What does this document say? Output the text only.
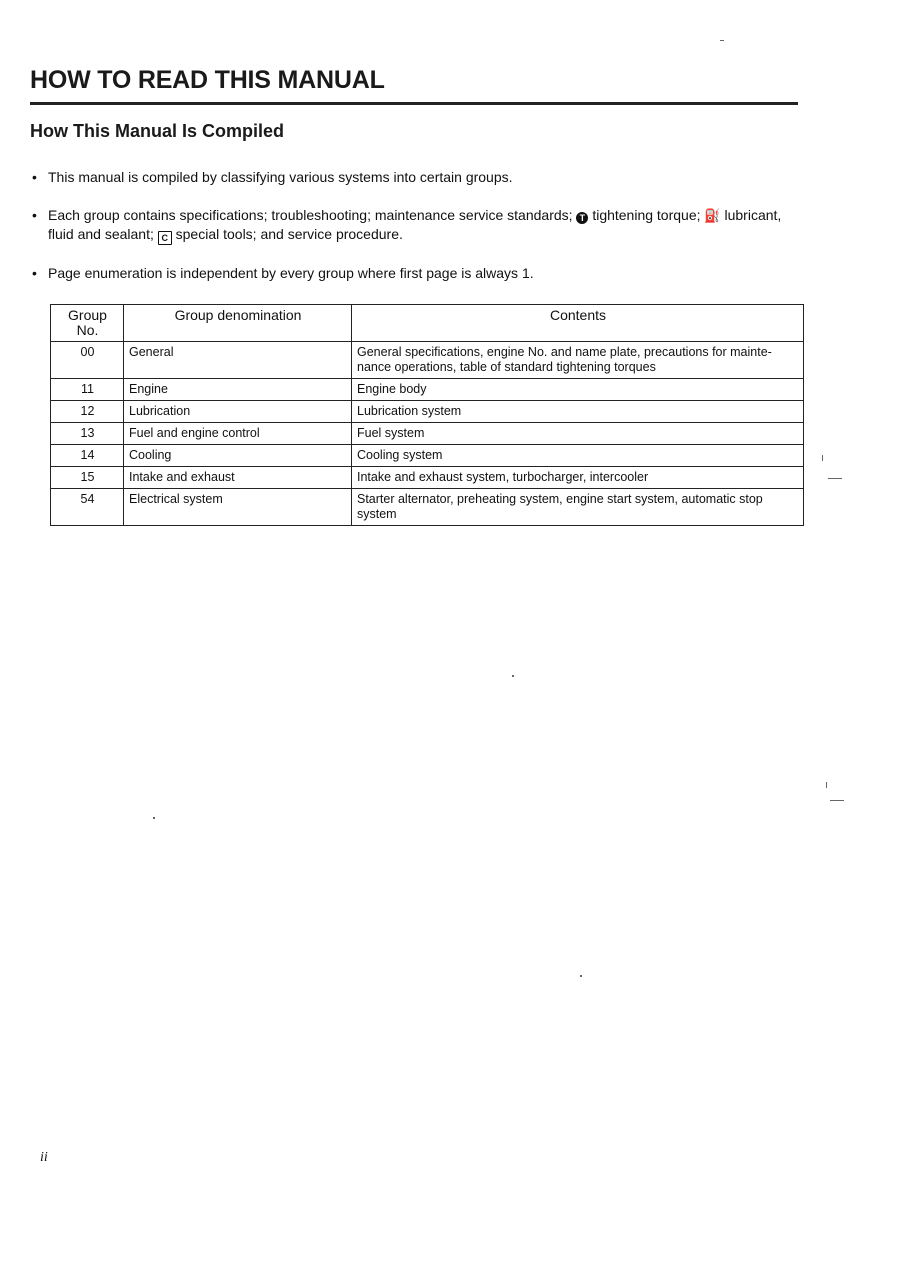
HOW TO READ THIS MANUAL
How This Manual Is Compiled
• This manual is compiled by classifying various systems into certain groups.
• Each group contains specifications; troubleshooting; maintenance service standards; T tightening torque; ⛽ lubricant, fluid and sealant; C special tools; and service procedure.
• Page enumeration is independent by every group where first page is always 1.
Group No.	Group denomination	Contents
00	General	General specifications, engine No. and name plate, precautions for mainte-nance operations, table of standard tightening torques
11	Engine	Engine body
12	Lubrication	Lubrication system
13	Fuel and engine control	Fuel system
14	Cooling	Cooling system
15	Intake and exhaust	Intake and exhaust system, turbocharger, intercooler
54	Electrical system	Starter alternator, preheating system, engine start system, automatic stop system
ii
